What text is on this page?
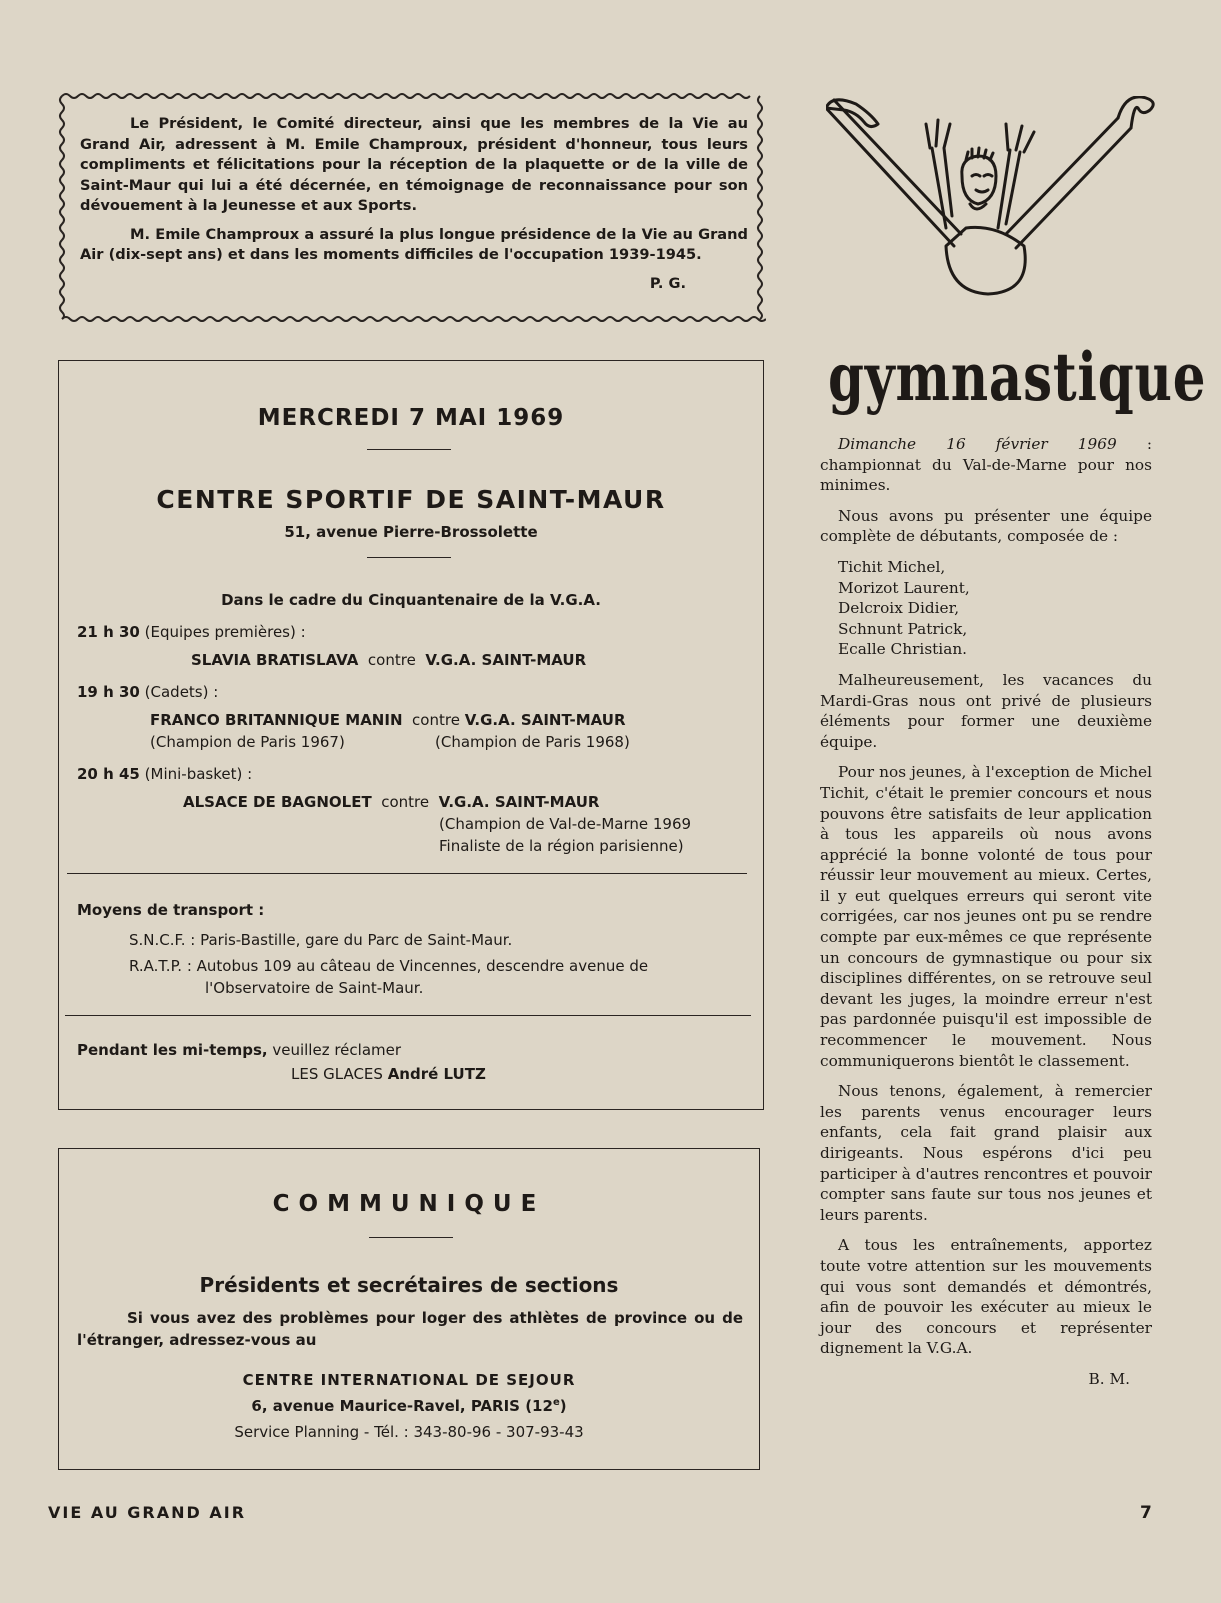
Le Président, le Comité directeur, ainsi que les membres de la Vie au Grand Air, adressent à M. Emile Champroux, président d'honneur, tous leurs compliments et félicitations pour la réception de la plaquette or de la ville de Saint-Maur qui lui a été décernée, en témoignage de reconnaissance pour son dévouement à la Jeunesse et aux Sports.

M. Emile Champroux a assuré la plus longue présidence de la Vie au Grand Air (dix-sept ans) et dans les moments difficiles de l'occupation 1939-1945.

P. G.

MERCREDI 7 MAI 1969
CENTRE SPORTIF DE SAINT-MAUR
51, avenue Pierre-Brossolette
Dans le cadre du Cinquantenaire de la V.G.A.
21 h 30 (Equipes premières) :
SLAVIA BRATISLAVA contre V.G.A. SAINT-MAUR
19 h 30 (Cadets) :
FRANCO BRITANNIQUE MANIN contre V.G.A. SAINT-MAUR
(Champion de Paris 1967)	(Champion de Paris 1968)
20 h 45 (Mini-basket) :
ALSACE DE BAGNOLET contre V.G.A. SAINT-MAUR
(Champion de Val-de-Marne 1969
Finaliste de la région parisienne)
Moyens de transport :
S.N.C.F. : Paris-Bastille, gare du Parc de Saint-Maur.
R.A.T.P. : Autobus 109 au câteau de Vincennes, descendre avenue de
l'Observatoire de Saint-Maur.
Pendant les mi-temps, veuillez réclamer
LES GLACES André LUTZ
COMMUNIQUE
Présidents et secrétaires de sections
Si vous avez des problèmes pour loger des athlètes de province ou de l'étranger, adressez-vous au
CENTRE INTERNATIONAL DE SEJOUR
6, avenue Maurice-Ravel, PARIS (12e)
Service Planning - Tél. : 343-80-96 - 307-93-43
gymnastique

Dimanche 16 février 1969 : championnat du Val-de-Marne pour nos minimes.

Nous avons pu présenter une équipe complète de débutants, composée de :

Tichit Michel,
Morizot Laurent,
Delcroix Didier,
Schnunt Patrick,
Ecalle Christian.

Malheureusement, les vacances du Mardi-Gras nous ont privé de plusieurs éléments pour former une deuxième équipe.

Pour nos jeunes, à l'exception de Michel Tichit, c'était le premier concours et nous pouvons être satisfaits de leur application à tous les appareils où nous avons apprécié la bonne volonté de tous pour réussir leur mouvement au mieux. Certes, il y eut quelques erreurs qui seront vite corrigées, car nos jeunes ont pu se rendre compte par eux-mêmes ce que représente un concours de gymnastique ou pour six disciplines différentes, on se retrouve seul devant les juges, la moindre erreur n'est pas pardonnée puisqu'il est impossible de recommencer le mouvement. Nous communiquerons bientôt le classement.

Nous tenons, également, à remercier les parents venus encourager leurs enfants, cela fait grand plaisir aux dirigeants. Nous espérons d'ici peu participer à d'autres rencontres et pouvoir compter sans faute sur tous nos jeunes et leurs parents.

A tous les entraînements, apportez toute votre attention sur les mouvements qui vous sont demandés et démontrés, afin de pouvoir les exécuter au mieux le jour des concours et représenter dignement la V.G.A.

B. M.

VIE AU GRAND AIR	7
